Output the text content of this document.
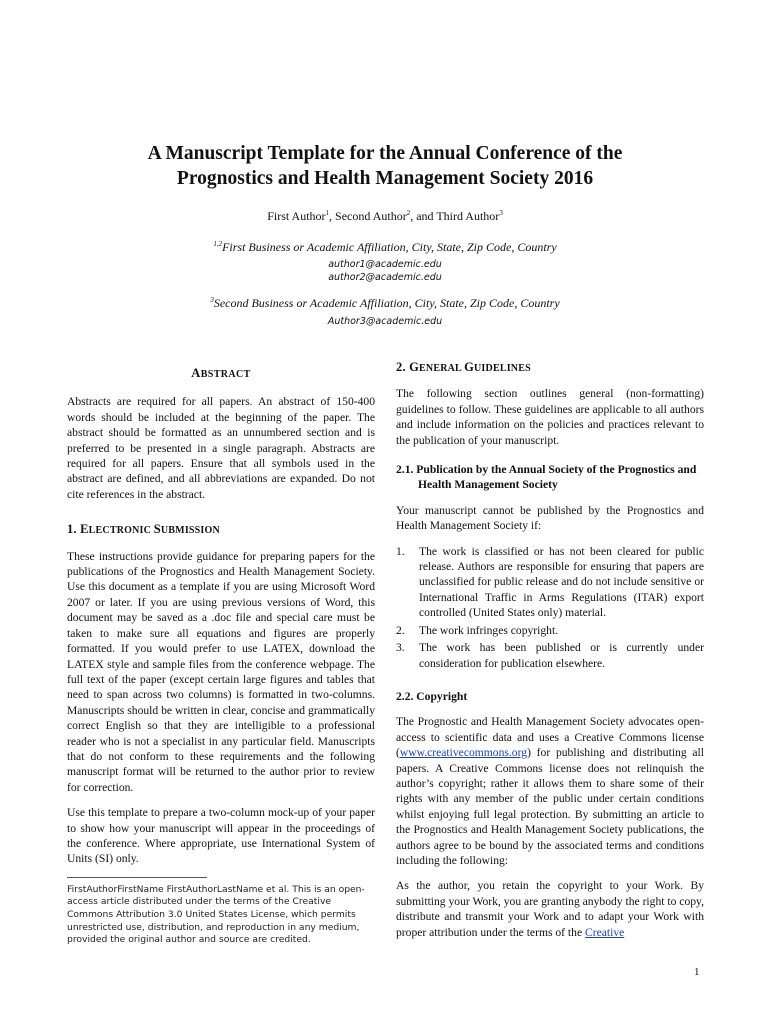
A Manuscript Template for the Annual Conference of the
Prognostics and Health Management Society 2016
First Author$^1$, Second Author$^2$, and Third Author$^3$
$^{1,2}$First Business or Academic Affiliation, City, State, Zip Code, Country
author1@academic.edu
author2@academic.edu
$^3$Second Business or Academic Affiliation, City, State, Zip Code, Country
Author3@academic.edu
ABSTRACT

Abstracts are required for all papers. An abstract of 150-400 words should be included at the beginning of the paper. The abstract should be formatted as an unnumbered section and is preferred to be presented in a single paragraph. Abstracts are required for all papers. Ensure that all symbols used in the abstract are defined, and all abbreviations are expanded. Do not cite references in the abstract.

1. ELECTRONIC SUBMISSION

These instructions provide guidance for preparing papers for the publications of the Prognostics and Health Management Society. Use this document as a template if you are using Microsoft Word 2007 or later. If you are using previous versions of Word, this document may be saved as a .doc file and special care must be taken to make sure all equations and figures are properly formatted. If you would prefer to use LATEX, download the LATEX style and sample files from the conference webpage. The full text of the paper (except certain large figures and tables that need to span across two columns) is formatted in two-columns. Manuscripts should be written in clear, concise and grammatically correct English so that they are intelligible to a professional reader who is not a specialist in any particular field. Manuscripts that do not conform to these requirements and the following manuscript format will be returned to the author prior to review for correction.

Use this template to prepare a two-column mock-up of your paper to show how your manuscript will appear in the proceedings of the conference. Where appropriate, use International System of Units (SI) only.

FirstAuthorFirstName FirstAuthorLastName et al. This is an open-access article distributed under the terms of the Creative Commons Attribution 3.0 United States License, which permits unrestricted use, distribution, and reproduction in any medium, provided the original author and source are credited.
2. GENERAL GUIDELINES

The following section outlines general (non-formatting) guidelines to follow. These guidelines are applicable to all authors and include information on the policies and practices relevant to the publication of your manuscript.

2.1. Publication by the Annual Society of the Prognostics and Health Management Society

Your manuscript cannot be published by the Prognostics and Health Management Society if:

1. The work is classified or has not been cleared for public release. Authors are responsible for ensuring that papers are unclassified for public release and do not include sensitive or International Traffic in Arms Regulations (ITAR) export controlled (United States only) material.
2. The work infringes copyright.
3. The work has been published or is currently under consideration for publication elsewhere.
2.2. Copyright

The Prognostic and Health Management Society advocates open-access to scientific data and uses a Creative Commons license (www.creativecommons.org) for publishing and distributing all papers. A Creative Commons license does not relinquish the author’s copyright; rather it allows them to share some of their rights with any member of the public under certain conditions whilst enjoying full legal protection. By submitting an article to the Prognostics and Health Management Society publications, the authors agree to be bound by the associated terms and conditions including the following:

As the author, you retain the copyright to your Work. By submitting your Work, you are granting anybody the right to copy, distribute and transmit your Work and to adapt your Work with proper attribution under the terms of the Creative

1
